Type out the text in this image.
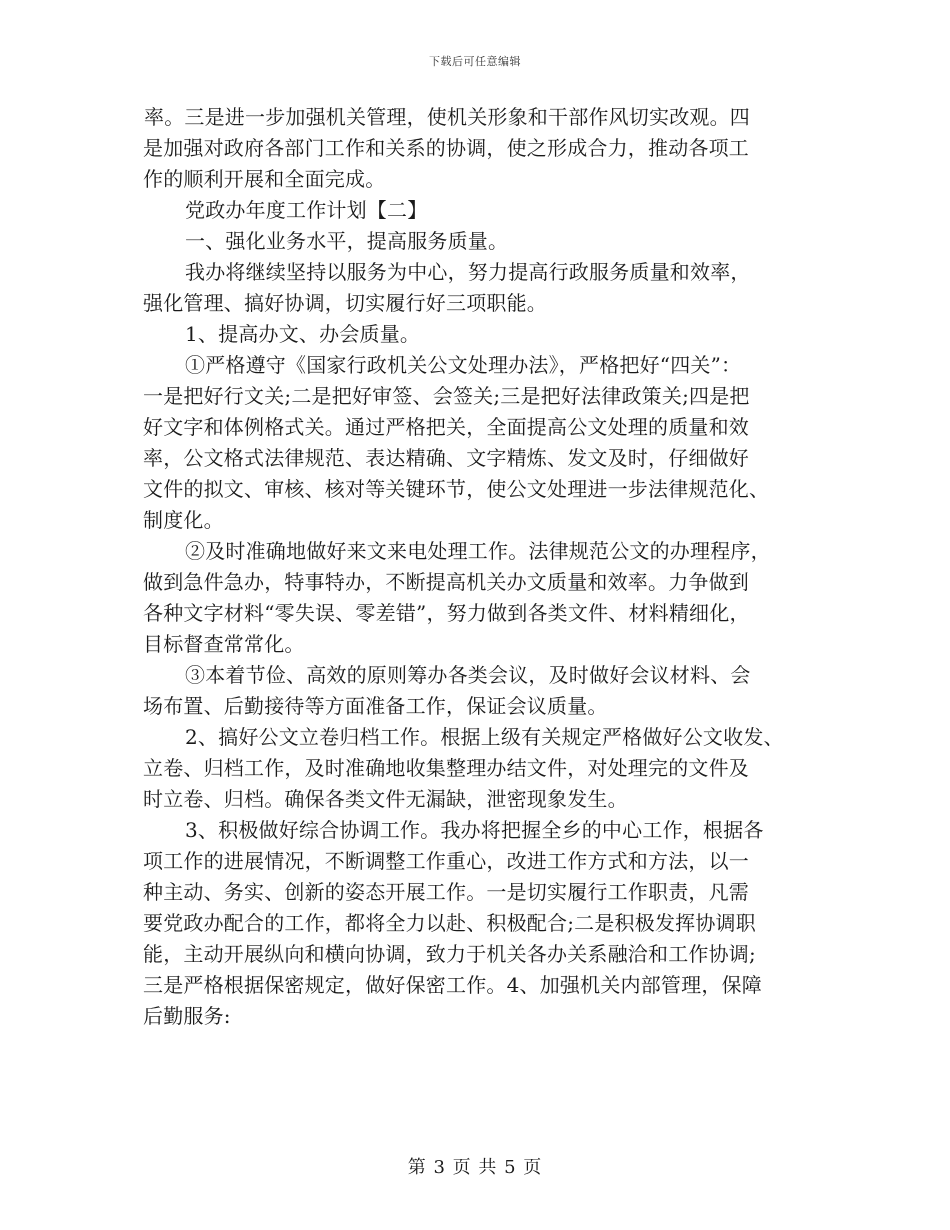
下载后可任意编辑
率。三是进一步加强机关管理，使机关形象和干部作风切实改观。四
是加强对政府各部门工作和关系的协调，使之形成合力，推动各项工
作的顺利开展和全面完成。
党政办年度工作计划【二】
一、强化业务水平，提高服务质量。
我办将继续坚持以服务为中心，努力提高行政服务质量和效率，
强化管理、搞好协调，切实履行好三项职能。
1、提高办文、办会质量。
①严格遵守《国家行政机关公文处理办法》，严格把好“四关”：
一是把好行文关;二是把好审签、会签关;三是把好法律政策关;四是把
好文字和体例格式关。通过严格把关，全面提高公文处理的质量和效
率，公文格式法律规范、表达精确、文字精炼、发文及时，仔细做好
文件的拟文、审核、核对等关键环节，使公文处理进一步法律规范化、
制度化。
②及时准确地做好来文来电处理工作。法律规范公文的办理程序，
做到急件急办，特事特办，不断提高机关办文质量和效率。力争做到
各种文字材料“零失误、零差错”，努力做到各类文件、材料精细化，
目标督查常常化。
③本着节俭、高效的原则筹办各类会议，及时做好会议材料、会
场布置、后勤接待等方面准备工作，保证会议质量。
2、搞好公文立卷归档工作。根据上级有关规定严格做好公文收发、
立卷、归档工作，及时准确地收集整理办结文件，对处理完的文件及
时立卷、归档。确保各类文件无漏缺，泄密现象发生。
3、积极做好综合协调工作。我办将把握全乡的中心工作，根据各
项工作的进展情况，不断调整工作重心，改进工作方式和方法，以一
种主动、务实、创新的姿态开展工作。一是切实履行工作职责，凡需
要党政办配合的工作，都将全力以赴、积极配合;二是积极发挥协调职
能，主动开展纵向和横向协调，致力于机关各办关系融洽和工作协调;
三是严格根据保密规定，做好保密工作。4、加强机关内部管理，保障
后勤服务:
第 3 页 共 5 页
